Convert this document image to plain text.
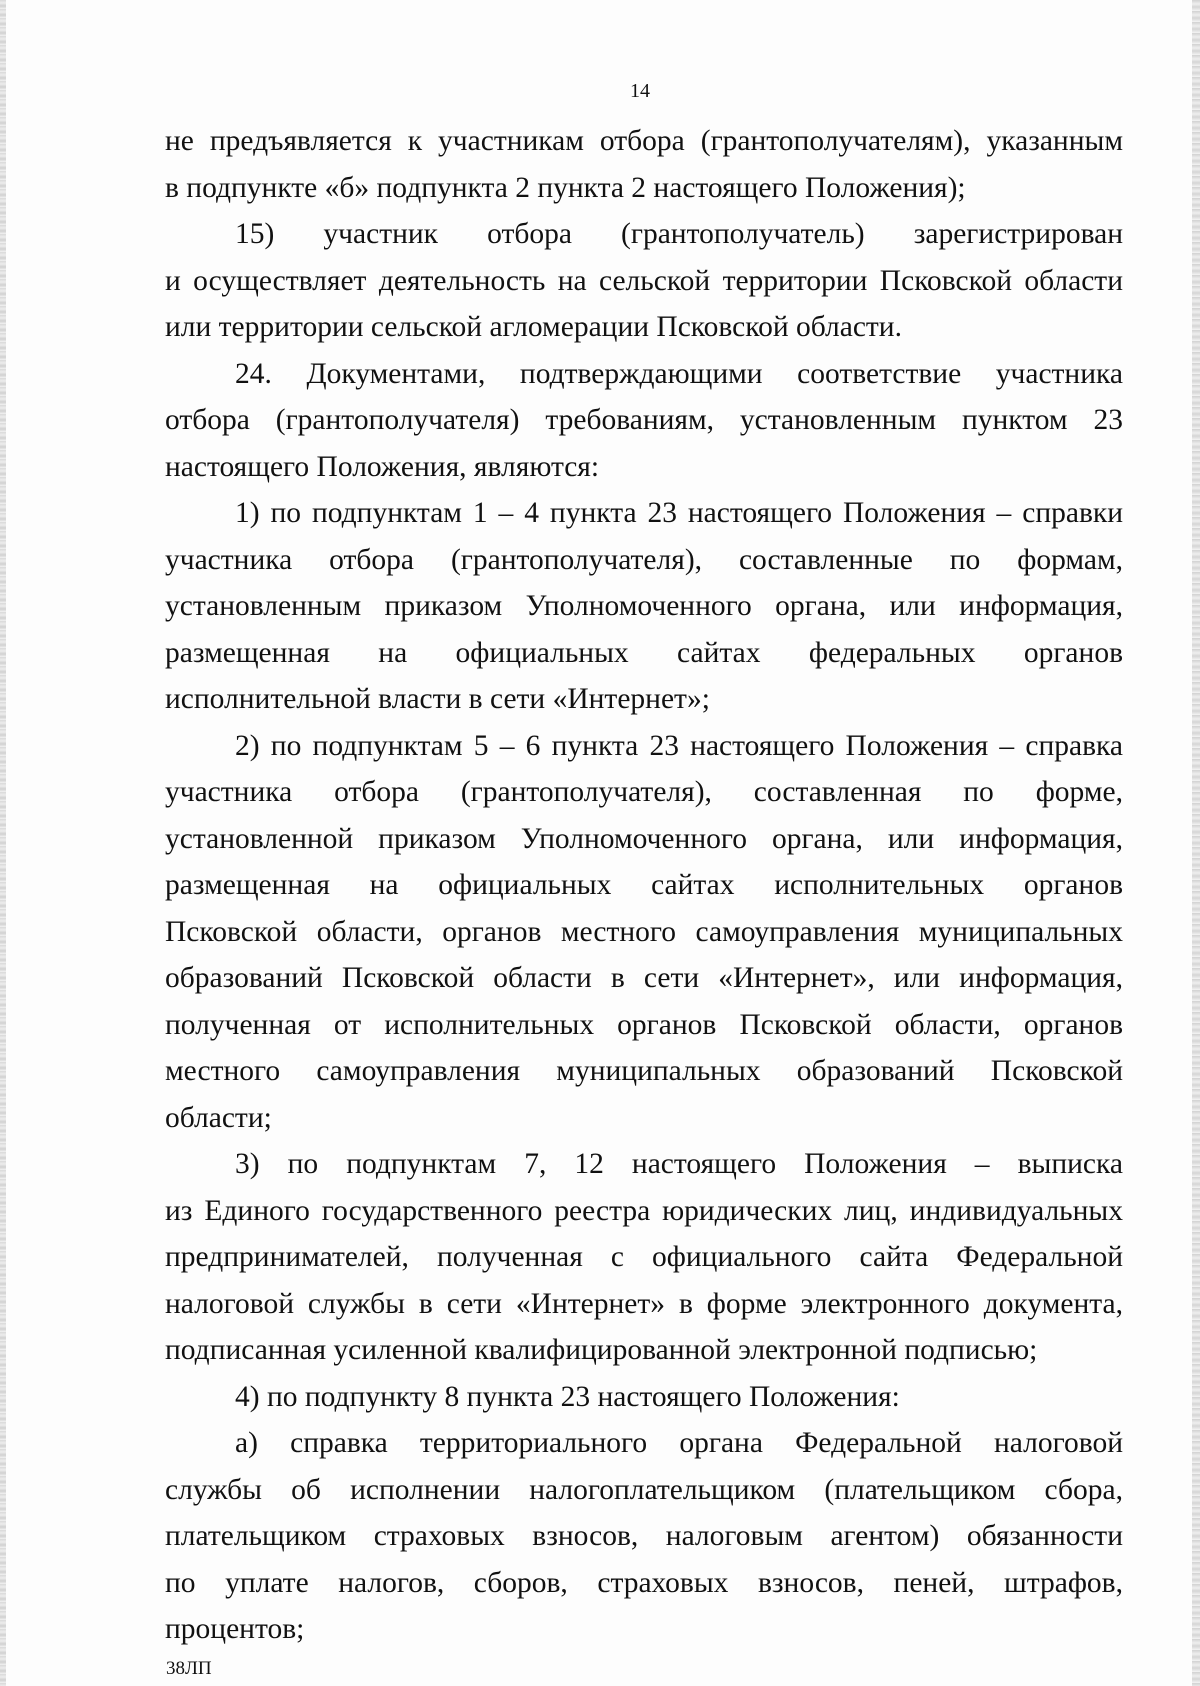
14
не предъявляется к участникам отбора (грантополучателям), указанным
в подпункте «б» подпункта 2 пункта 2 настоящего Положения);
15) участник отбора (грантополучатель) зарегистрирован
и осуществляет деятельность на сельской территории Псковской области
или территории сельской агломерации Псковской области.
24. Документами, подтверждающими соответствие участника
отбора (грантополучателя) требованиям, установленным пунктом 23
настоящего Положения, являются:
1) по подпунктам 1 – 4 пункта 23 настоящего Положения – справки
участника отбора (грантополучателя), составленные по формам,
установленным приказом Уполномоченного органа, или информация,
размещенная на официальных сайтах федеральных органов
исполнительной власти в сети «Интернет»;
2) по подпунктам 5 – 6 пункта 23 настоящего Положения – справка
участника отбора (грантополучателя), составленная по форме,
установленной приказом Уполномоченного органа, или информация,
размещенная на официальных сайтах исполнительных органов
Псковской области, органов местного самоуправления муниципальных
образований Псковской области в сети «Интернет», или информация,
полученная от исполнительных органов Псковской области, органов
местного самоуправления муниципальных образований Псковской
области;
3) по подпунктам 7, 12 настоящего Положения – выписка
из Единого государственного реестра юридических лиц, индивидуальных
предпринимателей, полученная с официального сайта Федеральной
налоговой службы в сети «Интернет» в форме электронного документа,
подписанная усиленной квалифицированной электронной подписью;
4) по подпункту 8 пункта 23 настоящего Положения:
а) справка территориального органа Федеральной налоговой
службы об исполнении налогоплательщиком (плательщиком сбора,
плательщиком страховых взносов, налоговым агентом) обязанности
по уплате налогов, сборов, страховых взносов, пеней, штрафов,
процентов;
38ЛП
